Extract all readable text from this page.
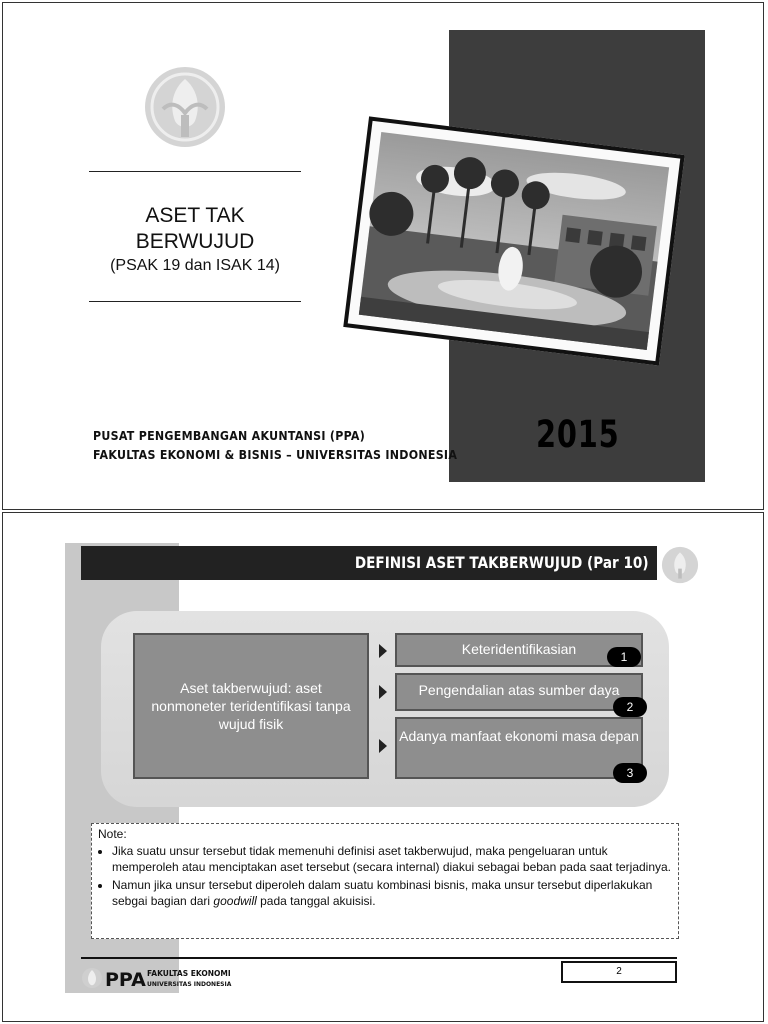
ASET TAK
BERWUJUD
(PSAK 19 dan ISAK 14)
PUSAT PENGEMBANGAN AKUNTANSI (PPA)
FAKULTAS EKONOMI & BISNIS – UNIVERSITAS INDONESIA 2015
DEFINISI ASET TAKBERWUJUD (Par 10)
Aset takberwujud: aset nonmoneter teridentifikasi tanpa wujud fisik
Keteridentifikasian	1
Pengendalian atas sumber daya
2
Adanya manfaat ekonomi masa depan
3
Note:
• Jika suatu unsur tersebut tidak memenuhi definisi aset takberwujud, maka pengeluaran untuk memperoleh atau menciptakan aset tersebut (secara internal) diakui sebagai beban pada saat terjadinya.
• Namun jika unsur tersebut diperoleh dalam suatu kombinasi bisnis, maka unsur tersebut diperlakukan sebgai bagian dari goodwill pada tanggal akuisisi.
PPA FAKULTAS EKONOMI
UNIVERSITAS INDONESIA
2
